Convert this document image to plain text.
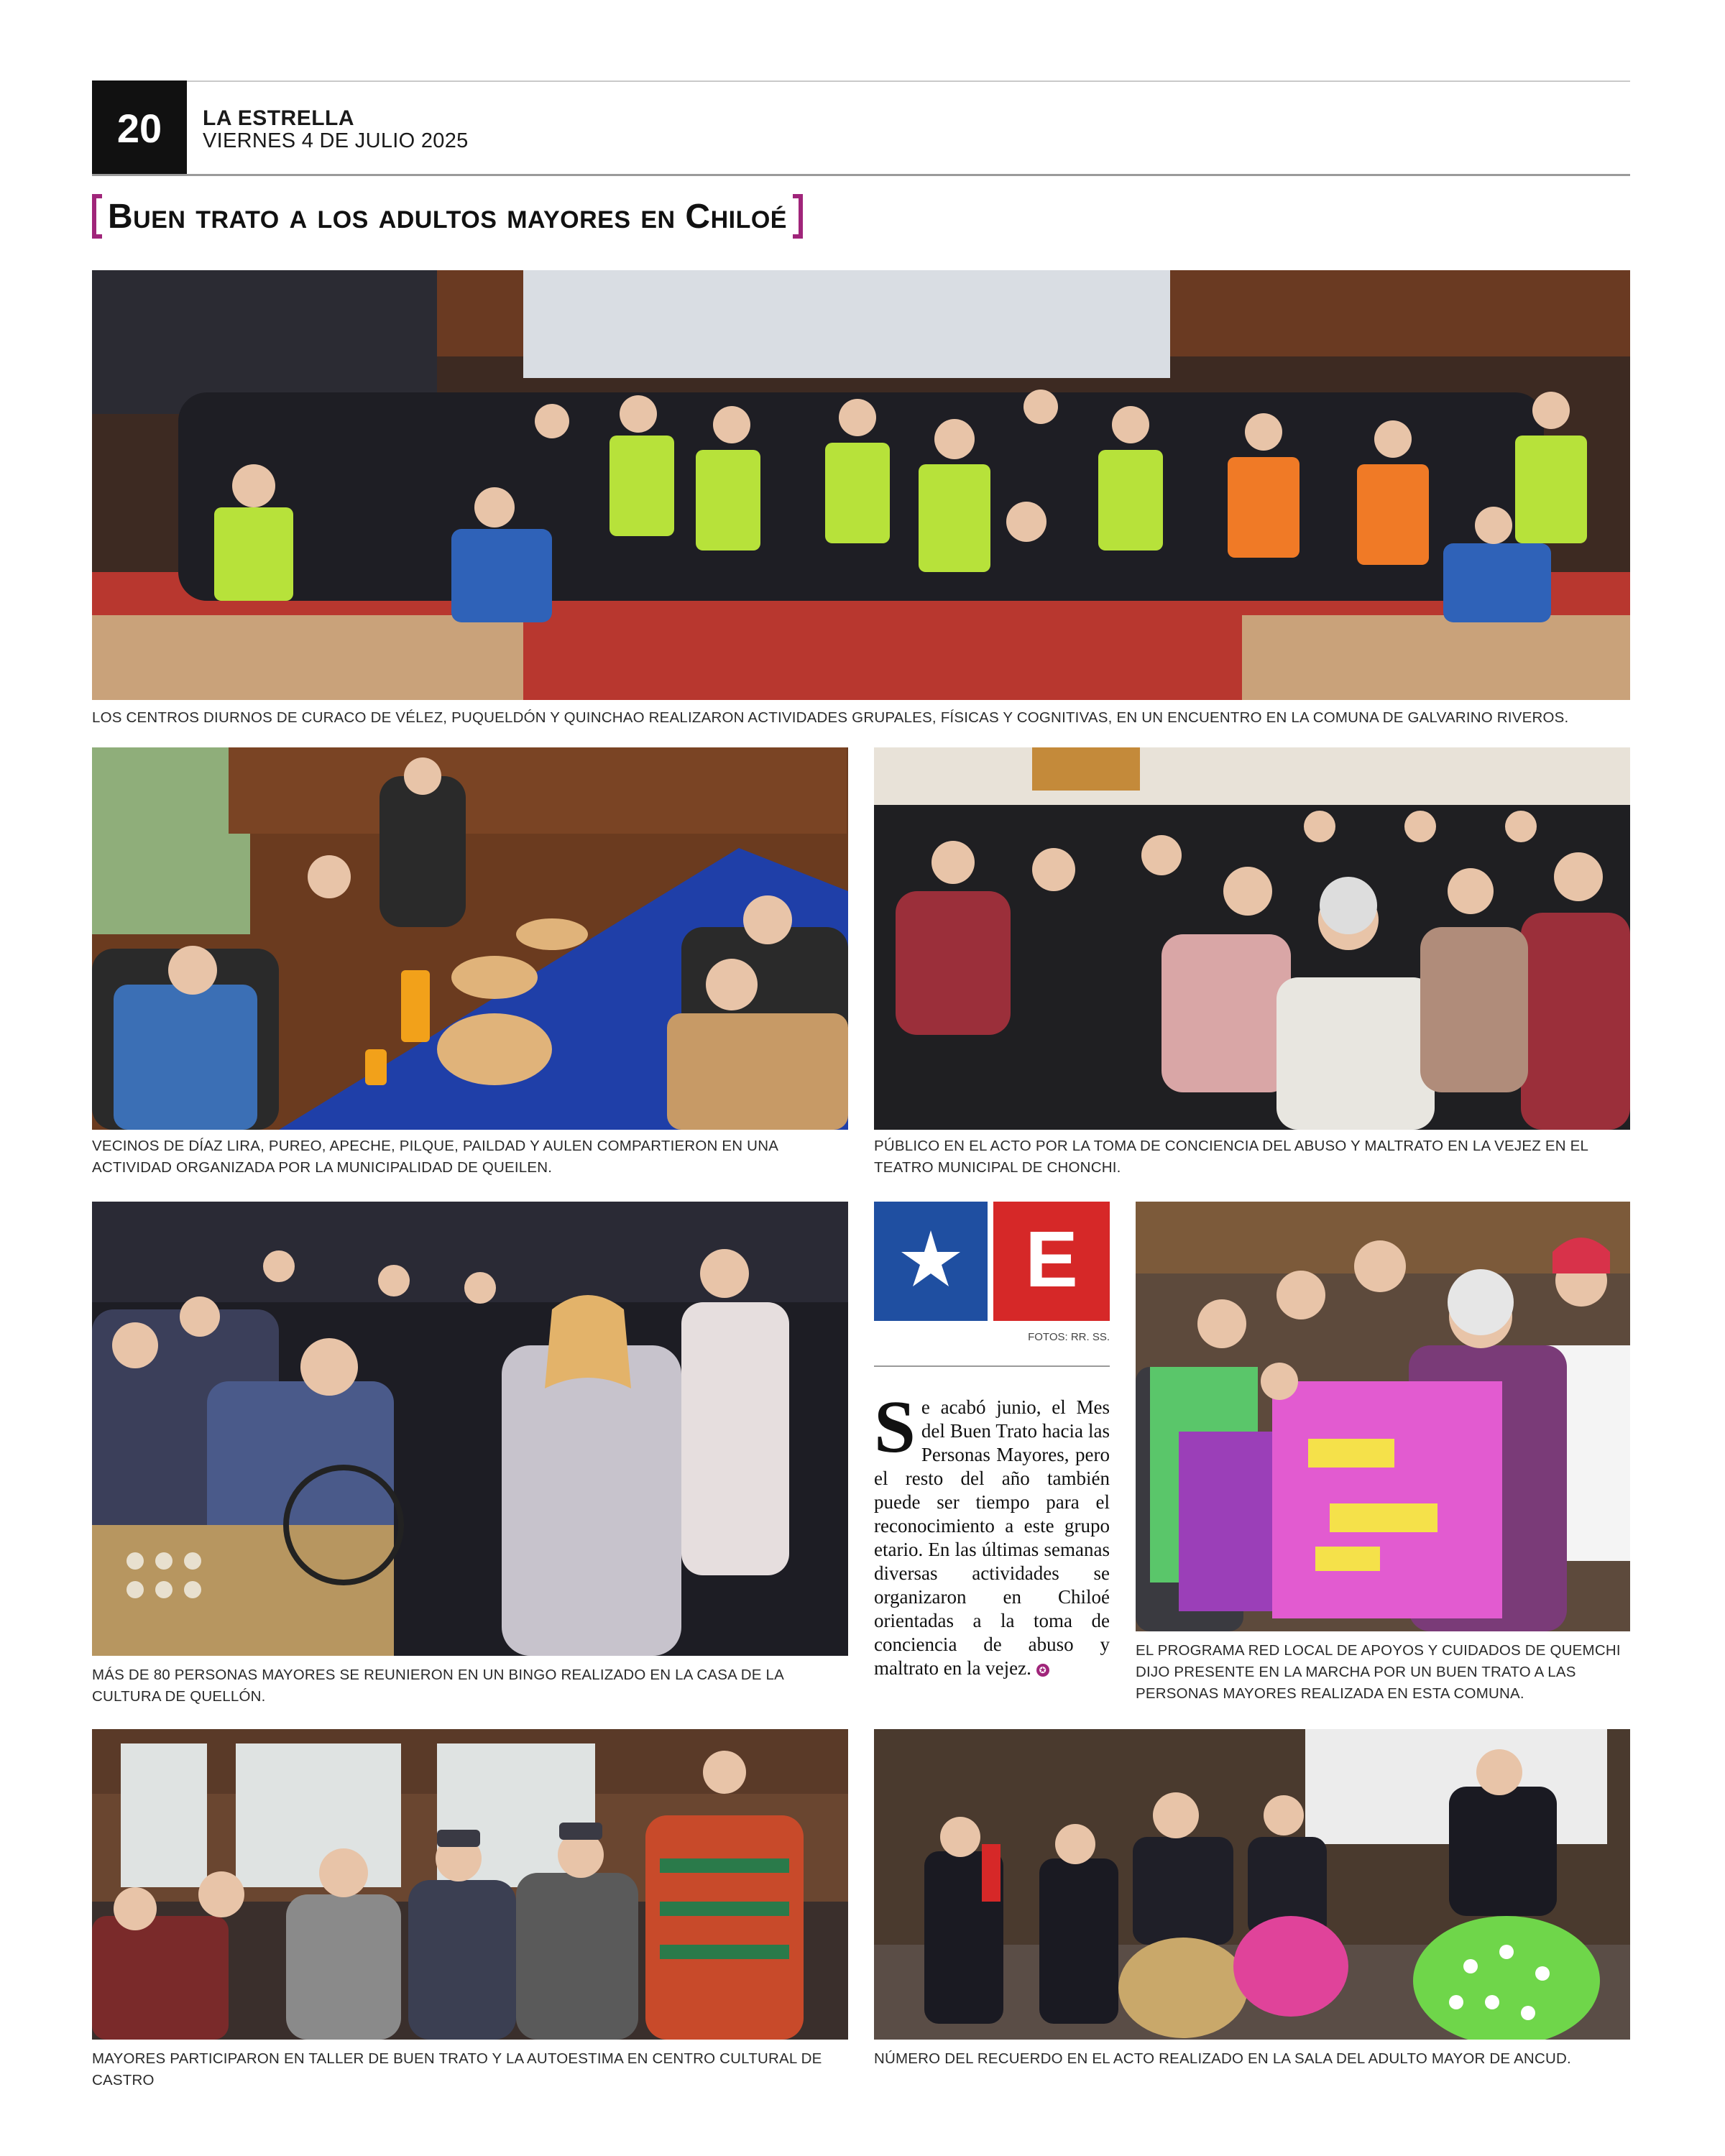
20	LA ESTRELLA
VIERNES 4 DE JULIO 2025
Buen trato a los adultos mayores en Chiloé
LOS CENTROS DIURNOS DE CURACO DE VÉLEZ, PUQUELDÓN Y QUINCHAO REALIZARON ACTIVIDADES GRUPALES, FÍSICAS Y COGNITIVAS, EN UN ENCUENTRO EN LA COMUNA DE GALVARINO RIVEROS.
VECINOS DE DÍAZ LIRA, PUREO, APECHE, PILQUE, PAILDAD Y AULEN COMPARTIERON EN UNA ACTIVIDAD ORGANIZADA POR LA MUNICIPALIDAD DE QUEILEN.
PÚBLICO EN EL ACTO POR LA TOMA DE CONCIENCIA DEL ABUSO Y MALTRATO EN LA VEJEZ EN EL TEATRO MUNICIPAL DE CHONCHI.
MÁS DE 80 PERSONAS MAYORES SE REUNIERON EN UN BINGO REALIZADO EN LA CASA DE LA CULTURA DE QUELLÓN.
E
FOTOS: RR. SS.
Se acabó junio, el Mes del Buen Trato hacia las Personas Mayores, pero el resto del año también puede ser tiempo para el reconocimiento a este grupo etario. En las últimas semanas diversas actividades se organizaron en Chiloé orientadas a la toma de conciencia de abuso y maltrato en la vejez. ✪
EL PROGRAMA RED LOCAL DE APOYOS Y CUIDADOS DE QUEMCHI DIJO PRESENTE EN LA MARCHA POR UN BUEN TRATO A LAS PERSONAS MAYORES REALIZADA EN ESTA COMUNA.
MAYORES PARTICIPARON EN TALLER DE BUEN TRATO Y LA AUTOESTIMA EN CENTRO CULTURAL DE CASTRO
NÚMERO DEL RECUERDO EN EL ACTO REALIZADO EN LA SALA DEL ADULTO MAYOR DE ANCUD.
